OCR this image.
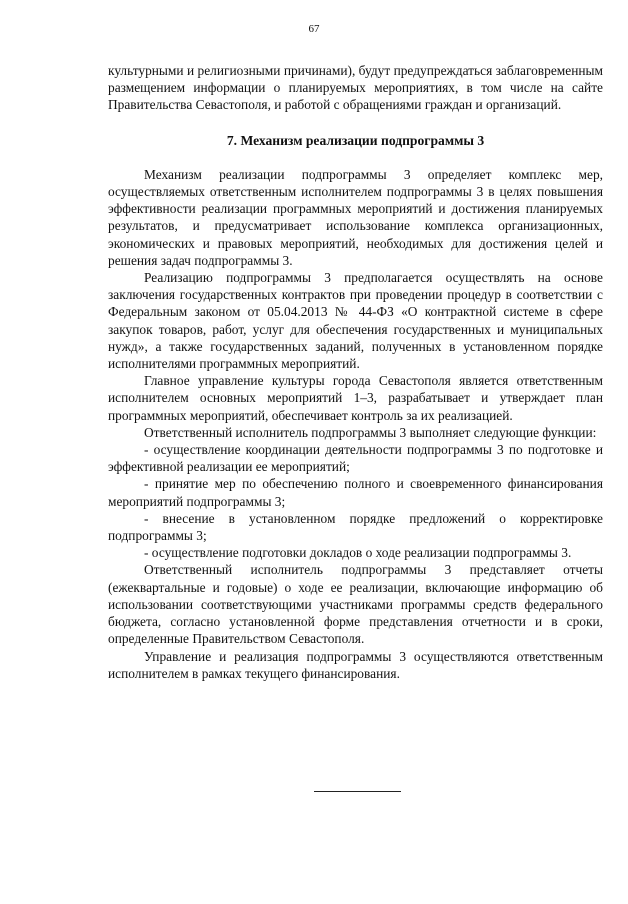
67

культурными и религиозными причинами), будут предупреждаться заблаговременным размещением информации о планируемых мероприятиях, в том числе на сайте Правительства Севастополя, и работой с обращениями граждан и организаций.

7. Механизм реализации подпрограммы 3

Механизм реализации подпрограммы 3 определяет комплекс мер, осуществляемых ответственным исполнителем подпрограммы 3 в целях повышения эффективности реализации программных мероприятий и достижения планируемых результатов, и предусматривает использование комплекса организационных, экономических и правовых мероприятий, необходимых для достижения целей и решения задач подпрограммы 3.

Реализацию подпрограммы 3 предполагается осуществлять на основе заключения государственных контрактов при проведении процедур в соответствии с Федеральным законом от 05.04.2013 № 44-ФЗ «О контрактной системе в сфере закупок товаров, работ, услуг для обеспечения государственных и муниципальных нужд», а также государственных заданий, полученных в установленном порядке исполнителями программных мероприятий.

Главное управление культуры города Севастополя является ответственным исполнителем основных мероприятий 1–3, разрабатывает и утверждает план программных мероприятий, обеспечивает контроль за их реализацией.

Ответственный исполнитель подпрограммы 3 выполняет следующие функции:

- осуществление координации деятельности подпрограммы 3 по подготовке и эффективной реализации ее мероприятий;

- принятие мер по обеспечению полного и своевременного финансирования мероприятий подпрограммы 3;

- внесение в установленном порядке предложений о корректировке подпрограммы 3;

- осуществление подготовки докладов о ходе реализации подпрограммы 3.

Ответственный исполнитель подпрограммы 3 представляет отчеты (ежеквартальные и годовые) о ходе ее реализации, включающие информацию об использовании соответствующими участниками программы средств федерального бюджета, согласно установленной форме представления отчетности и в сроки, определенные Правительством Севастополя.

Управление и реализация подпрограммы 3 осуществляются ответственным исполнителем в рамках текущего финансирования.
